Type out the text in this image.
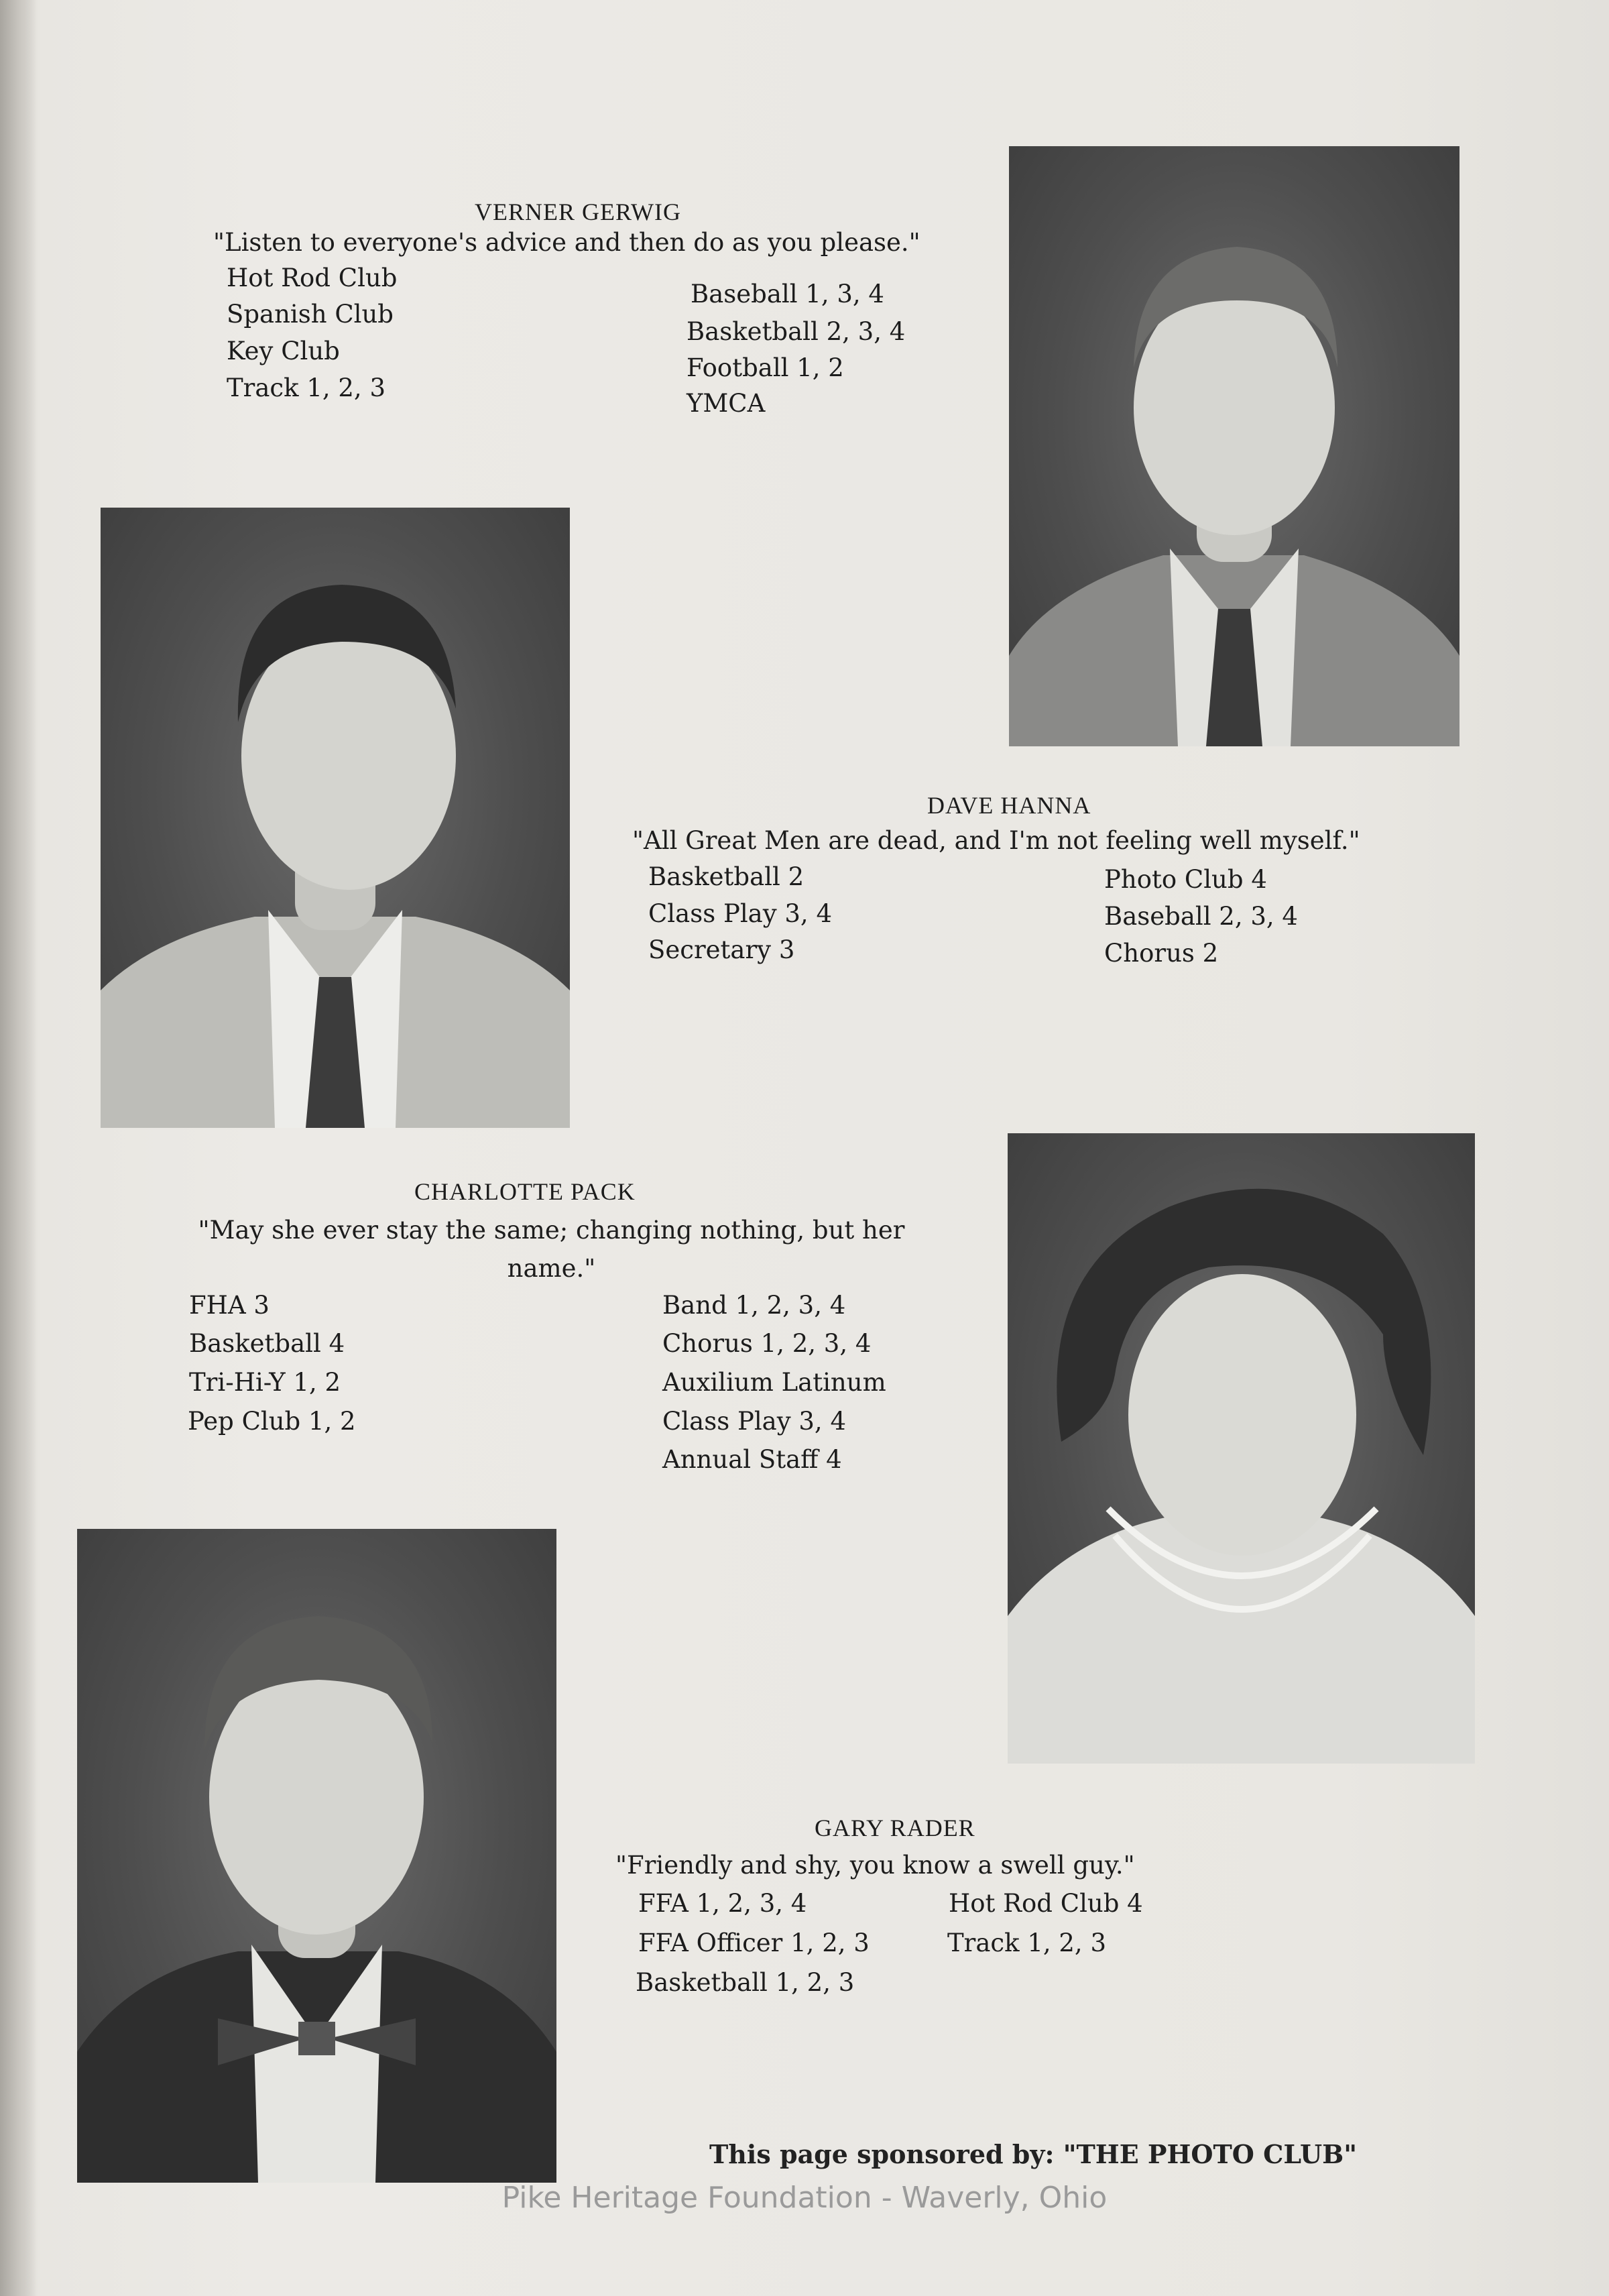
VERNER GERWIG
"Listen to everyone's advice and then do as you please."
Hot Rod Club
Spanish Club
Key Club
Track 1, 2, 3
Baseball 1, 3, 4
Basketball 2, 3, 4
Football 1, 2
YMCA
DAVE HANNA
"All Great Men are dead, and I'm not feeling well myself."
Basketball 2
Class Play 3, 4
Secretary 3
Photo Club 4
Baseball 2, 3, 4
Chorus 2
CHARLOTTE PACK
"May she ever stay the same; changing nothing, but her name."
FHA 3
Basketball 4
Tri-Hi-Y 1, 2
Pep Club 1, 2
Band 1, 2, 3, 4
Chorus 1, 2, 3, 4
Auxilium Latinum
Class Play 3, 4
Annual Staff 4
GARY RADER
"Friendly and shy, you know a swell guy."
FFA 1, 2, 3, 4
FFA Officer 1, 2, 3
Basketball 1, 2, 3
Hot Rod Club 4
Track 1, 2, 3
This page sponsored by: "THE PHOTO CLUB"
Pike Heritage Foundation - Waverly, Ohio
